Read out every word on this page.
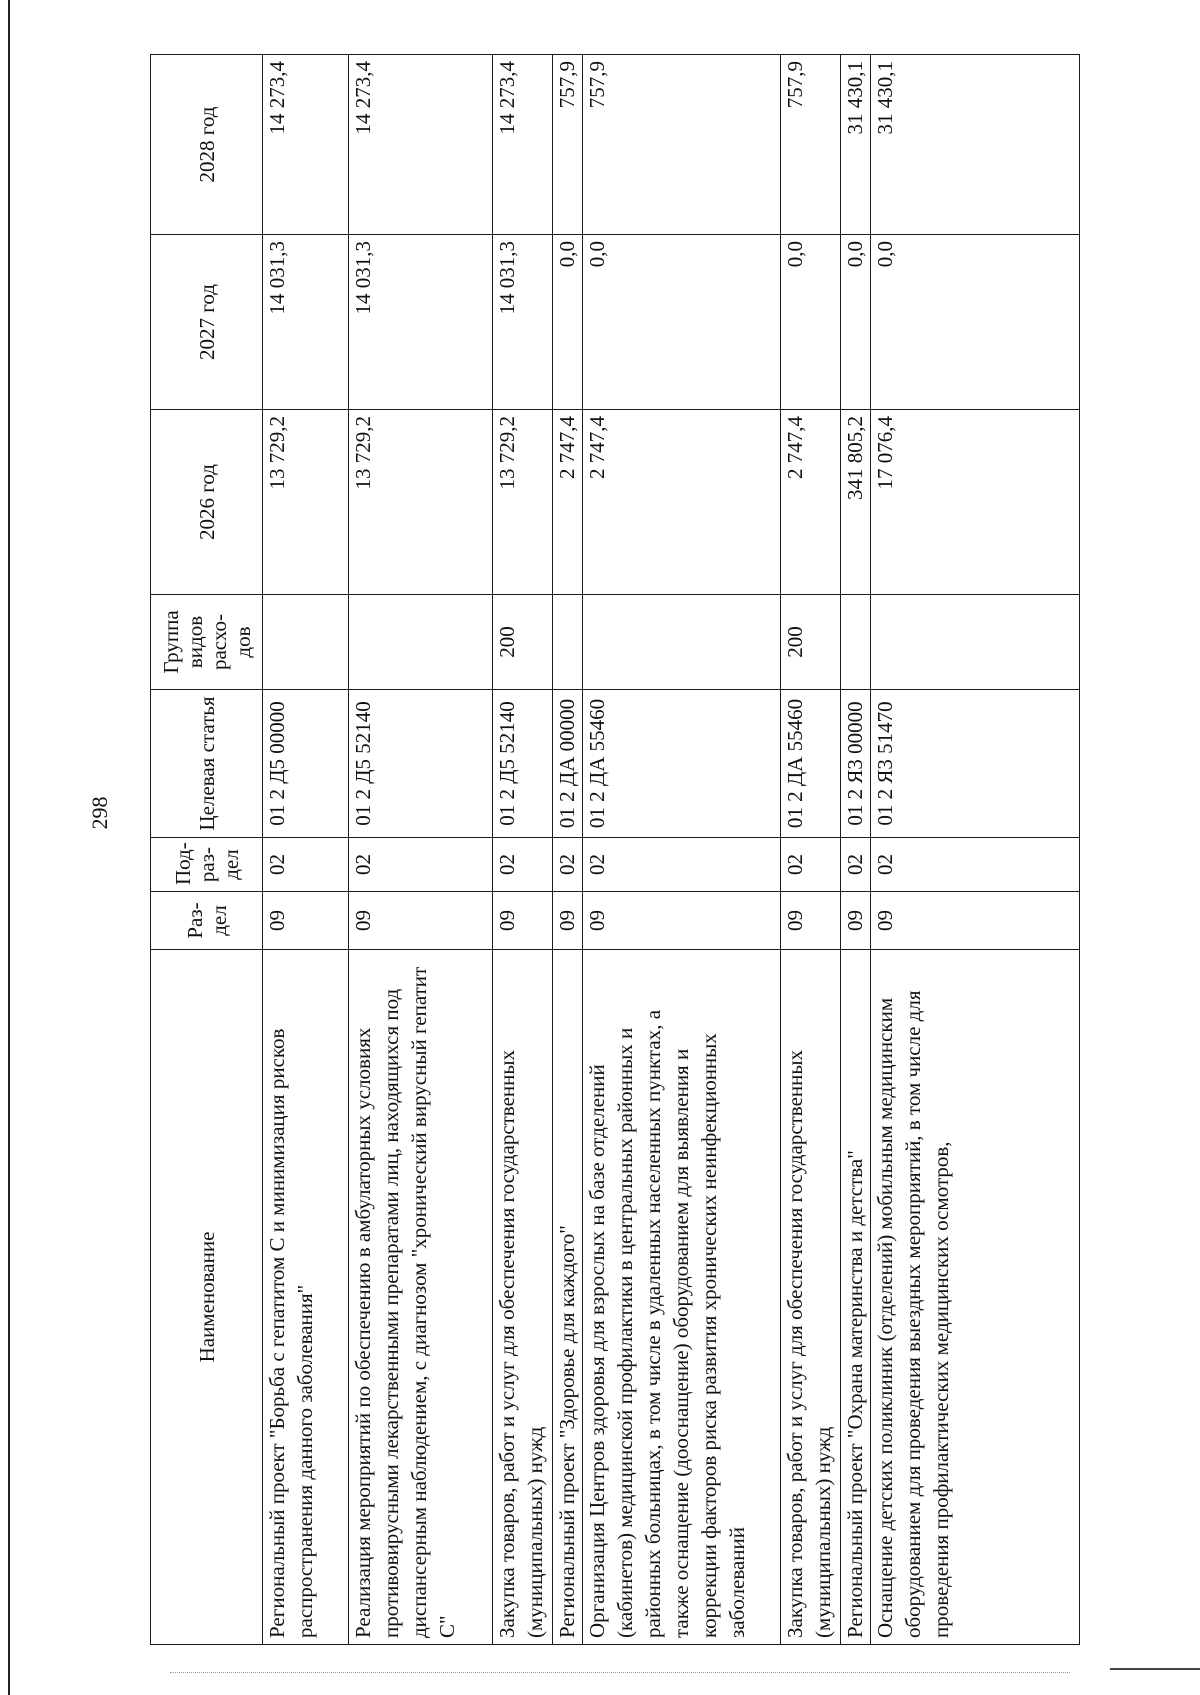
298
Наименование	Раз-дел	Под-раз-дел	Целевая статья	Группа видов расхо-дов	2026 год	2027 год	2028 год
Региональный проект "Борьба с гепатитом С и минимизация рисков распространения данного заболевания"	09	02	01 2 Д5 00000		13 729,2	14 031,3	14 273,4
Реализация мероприятий по обеспечению в амбулаторных условиях противовирусными лекарственными препаратами лиц, находящихся под диспансерным наблюдением, с диагнозом "хронический вирусный гепатит С"	09	02	01 2 Д5 52140		13 729,2	14 031,3	14 273,4
Закупка товаров, работ и услуг для обеспечения государственных (муниципальных) нужд	09	02	01 2 Д5 52140	200	13 729,2	14 031,3	14 273,4
Региональный проект "Здоровье для каждого"	09	02	01 2 ДА 00000		2 747,4	0,0	757,9
Организация Центров здоровья для взрослых на базе отделений (кабинетов) медицинской профилактики в центральных районных и районных больницах, в том числе в удаленных населенных пунктах, а также оснащение (дооснащение) оборудованием для выявления и коррекции факторов риска развития хронических неинфекционных заболеваний	09	02	01 2 ДА 55460		2 747,4	0,0	757,9
Закупка товаров, работ и услуг для обеспечения государственных (муниципальных) нужд	09	02	01 2 ДА 55460	200	2 747,4	0,0	757,9
Региональный проект "Охрана материнства и детства"	09	02	01 2 Я3 00000		341 805,2	0,0	31 430,1
Оснащение детских поликлиник (отделений) мобильным медицинским оборудованием для проведения выездных мероприятий, в том числе для проведения профилактических медицинских осмотров,	09	02	01 2 Я3 51470		17 076,4	0,0	31 430,1
